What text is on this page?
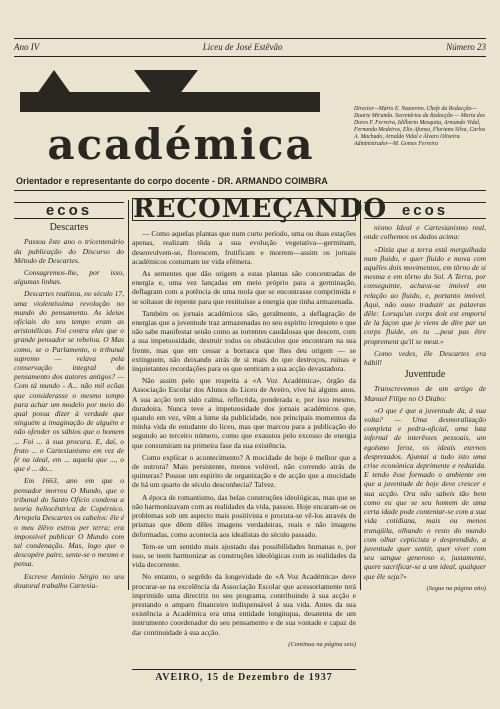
Ano IV	Liceu de José Estêvão	Número 23
académica
Director—Mário E. Nazareno. Chefe da Redacção—Duarte Miranda. Secretários da Redacção — Maria dos Dores F. Ferreira, Idilberto Mesquita, Armando Vidal, Fernanda Medeiros, Elio Afonso, Floriano Silva, Carlos A. Machado, Arnaldo Vidal e Álvaro Oliveira. Administrador—M. Gomes Ferreira
Orientador e representante do corpo docente - DR. ARMANDO COIMBRA
ecos
Descartes

Passou êste ano o tricentenário da publicação do Discurso do Método de Descartes.

Consagremos-lhe, por isso, algumas linhas.

Descartes realizou, no século 17, uma violentíssima revolução no mundo do pensamento. As ideias oficiais do seu tempo eram as aristotélicas. Foi contra elas que o grande pensador se rebelou. O Mas como, se o Parlamento, o tribunal supremo — velava pela conservação integral do pensamento dos autores antigos? —Com tá mundo - A... não mil ecôas que considerasse o mesmo tempo para achar um modelo por meio do qual possa dizer à verdade que ninguém a imaginação de alguém e não ofender os sábios que o homem ... Foi ... à sua procura. E, daí, o fruto ... o Cartesianismo em vez de fé na ideal, em ... aquela que ..., o que é ... do...

Em 1663, ano em que o pensador morreu O Mundo, que o tribunal do Santo Ofício condena a teoria heliocêntrica de Copérnico. Arrepela Descartes os cabelos: êle é o meu êlêvo estrou per terra; era impossível publicar O Mundo com tal condenação. Mas, logo que o descopére paire, sente-se o mesmo e pensa.

Escreve António Sérgio no seu doutoral trabalho Cartesia-

RECOMEÇANDO

— Como aquelas plantas que num curto período, uma ou duas estações apenas, realizam tôda a sua evolução vegetativa—germinam, desenvolvem-se, florescem, frutificam e morrem—assim os jornais académicos costumam ter vida efémera.

As sementes que dão origem a estas plantas são concentradas de energia e, uma vez lançadas em meio próprio para a germinação, deflagram com a potência de uma mola que se encontrasse comprimida e se soltasse de repente para que restituísse a energia que tinha armazenada.

Também os jornais académicos são, geralmente, a deflagração de energias que a juventude traz armazenadas no seu espírito irrequieto e que não sabe manifestar senão como as torrentes caudalosas que descem, com a sua impetuosidade, destruir todos os obstáculos que encontram na sua frente, mas que em cessar a borrasca que lhes deu origem — se extinguem, não deixando atrás de si mais do que destroços, ruínas e inquietantes recordações para os que sentiram a sua acção devastadora.

Não assim pelo que respeita a «A Voz Académica», órgão da Associação Escolar dos Alunos do Liceu de Aveiro, vive há alguns anos. A sua acção tem sido calma, reflectida, ponderada e, por isso mesmo, duradoira. Nunca teve a impetuosidade dos jornais académicos que, quando em vez, vêm a lume da publicidade, nos principais momentos da minha vida de estudante do liceu, mas que marcou para a publicação do segundo ao terceiro número, como que exaustos pelo excesso de energia que consumiram na primeira fase da sua existência.

Como explicar o acontecimento? A mocidade de hoje é melhor que a de outrora? Mais persistente, menos volúvel, não correndo atrás de quimeras? Possue um espírito de organização e de acção que a mocidade de há um quarto de século desconhecia? Talvez.

A época de romantismo, das belas construções ideológicas, mas que se não harmonizavam com as realidades da vida, passou. Hoje encaram-se os problemas sob um aspecto mais positivista e procura-se vê-los através de prismas que dêem dêles imagens verdadeiras, reais e não imagens deformadas, como acontecia aos idealistas do século passado.

Tem-se um sentido mais ajustado das possibilidades humanas e, por isso, se teem harmonizar as construções ideológicas com as realidades da vida decorrente.

No entanto, o segrêdo da longevidade de «A Voz Académica» deve procurar-se na excelência da Associação Escolar que acessoriamente terá imprimido uma directriz no seu programa, contribuindo à sua acção e prestando o amparo financeiro indispensável à sua vida. Antes da sua existência a Académica era uma entidade longínqua, desatenta de um instrumento coordenador do seu pensamento e de sua vontade e capaz de dar continuidade à sua acção.

(Continua na página seis)
ecos

nismo Ideal e Cartesianismo real, onde colhemos os dados acima:

«Dizia que a terra está mergulhada num fluido, e quer fluido e mova com aquêles dois movimentos, em tôrno de si mesma e em tôrno do Sol. A Terra, por conseguinte, achava-se imóvel em relação ao fluido, e, portanto imóvel. Aqui, não ouso traduzir as palavras dêle: Lorsqu'un corps doit est emporté de la façon que je viens de dire par un corps fluide, en tu ...peut pas être proprement qu'il se meut.»

Como vedes, êle Descartes era hábil!

Juventude

Transcrevemos de um artigo de Manuel Filipe no O Diabo:

«O que é que a juventude da, á sua volta? — Uma desmoralização completa e pedra-oficial, uma luta infernal de interêsses pessoais, um egoísmo feroz, os ideais eternos desprezados. Ajuntai a tudo isto uma crise económica deprimente e reduzida. E tendo êsse formado o ambiente em que a juventude de hoje deve crescer e sua acção. Ora não sabeis tão bem como eu que se seu homem de uma certa idade pode contentar-se com a sua vida cotidiana, mais ou menos tranqüila, olhando o resto do mundo com olhar cepticista e desprendido, a juventude quer sentir, quer viver com seu sangue generoso e, justamente, quere sacrificar-se a um ideal, qualquer que êle seja?»

(Segue na página oito)
AVEIRO, 15 de Dezembro de 1937
